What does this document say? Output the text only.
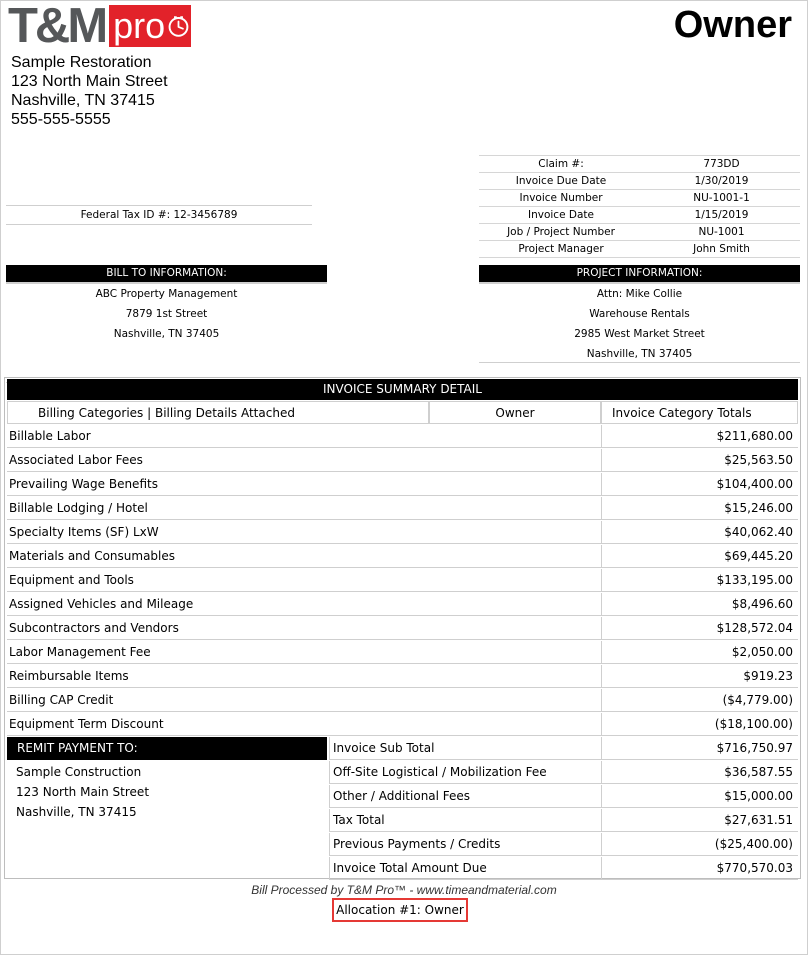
T&M pro
Sample Restoration
123 North Main Street
Nashville, TN 37415
555-555-5555
Owner
Federal Tax ID #: 12-3456789
Claim #:	773DD
Invoice Due Date	1/30/2019
Invoice Number	NU-1001-1
Invoice Date	1/15/2019
Job / Project Number	NU-1001
Project Manager	John Smith
BILL TO INFORMATION:
ABC Property Management
7879 1st Street
Nashville, TN 37405
PROJECT INFORMATION:
Attn: Mike Collie
Warehouse Rentals
2985 West Market Street
Nashville, TN 37405
INVOICE SUMMARY DETAIL
Billing Categories | Billing Details Attached	Owner	Invoice Category Totals
Billable Labor	$211,680.00
Associated Labor Fees	$25,563.50
Prevailing Wage Benefits	$104,400.00
Billable Lodging / Hotel	$15,246.00
Specialty Items (SF) LxW	$40,062.40
Materials and Consumables	$69,445.20
Equipment and Tools	$133,195.00
Assigned Vehicles and Mileage	$8,496.60
Subcontractors and Vendors	$128,572.04
Labor Management Fee	$2,050.00
Reimbursable Items	$919.23
Billing CAP Credit	($4,779.00)
Equipment Term Discount	($18,100.00)
REMIT PAYMENT TO:
Sample Construction
123 North Main Street
Nashville, TN 37415
Invoice Sub Total	$716,750.97
Off-Site Logistical / Mobilization Fee	$36,587.55
Other / Additional Fees	$15,000.00
Tax Total	$27,631.51
Previous Payments / Credits	($25,400.00)
Invoice Total Amount Due	$770,570.03
Bill Processed by T&M Pro™ - www.timeandmaterial.com
Allocation #1: Owner
